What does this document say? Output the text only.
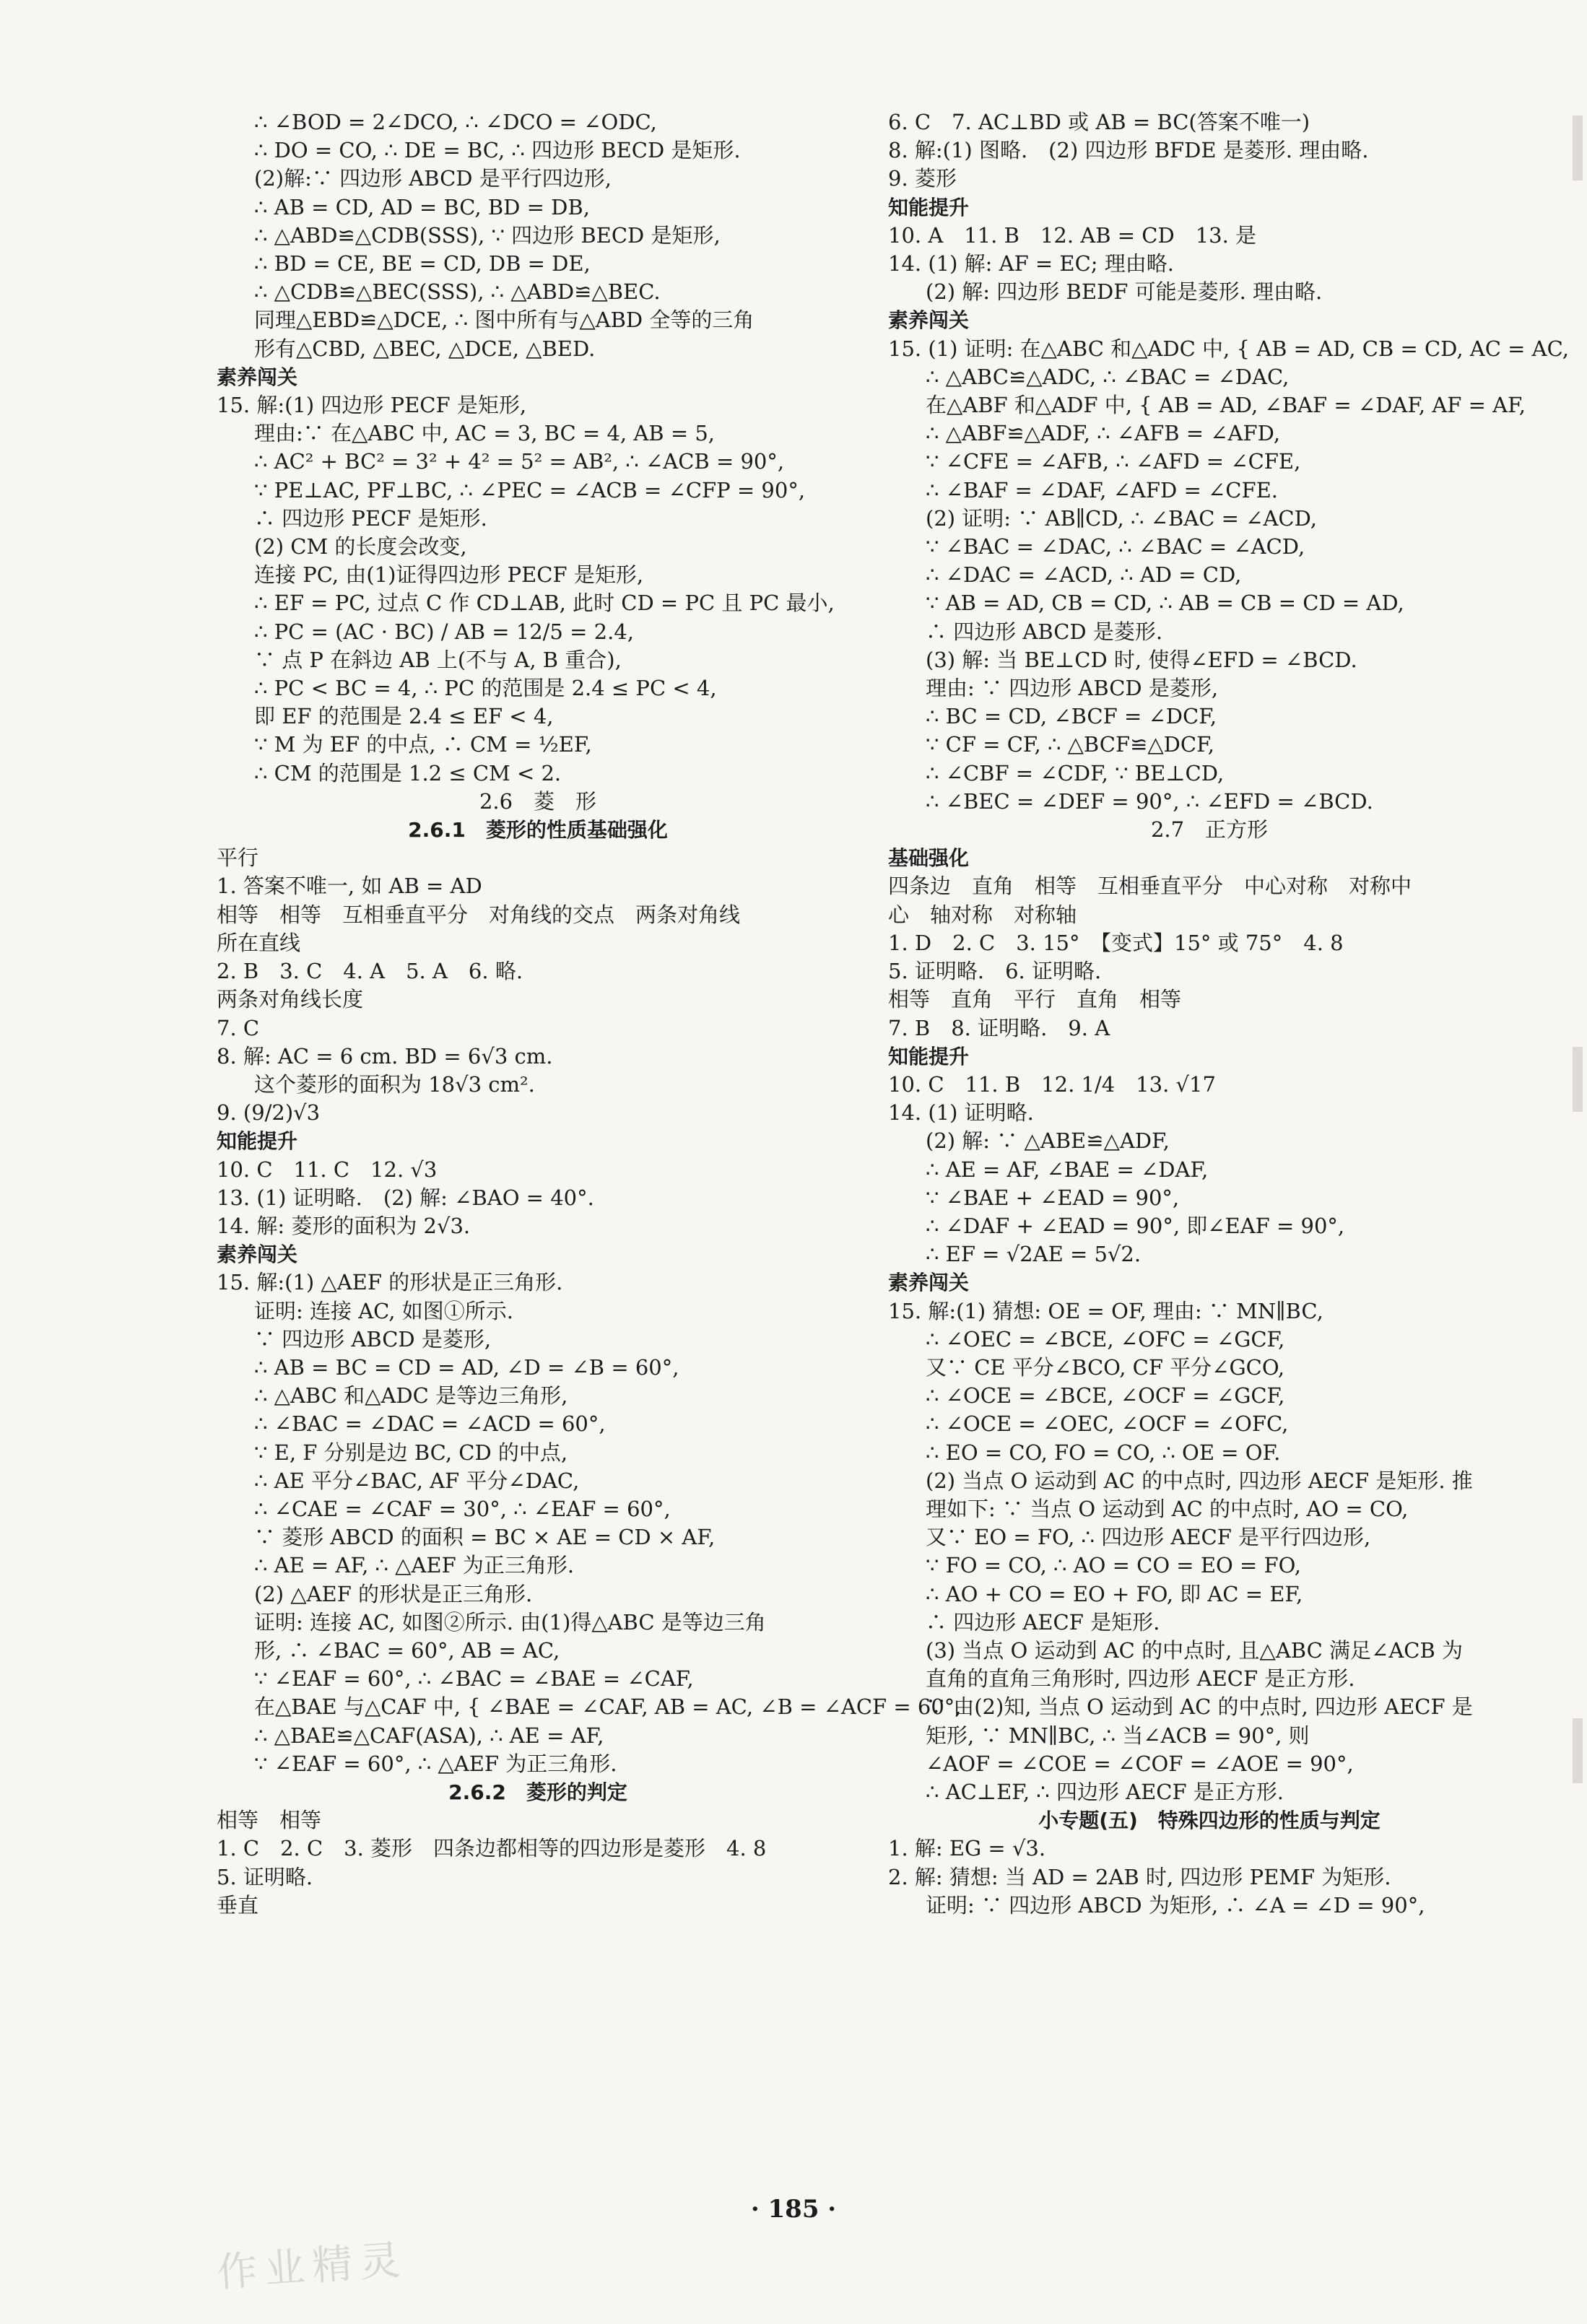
∴ ∠BOD = 2∠DCO, ∴ ∠DCO = ∠ODC,
∴ DO = CO, ∴ DE = BC, ∴ 四边形 BECD 是矩形.
(2)解:∵ 四边形 ABCD 是平行四边形,
∴ AB = CD, AD = BC, BD = DB,
∴ △ABD≌△CDB(SSS), ∵ 四边形 BECD 是矩形,
∴ BD = CE, BE = CD, DB = DE,
∴ △CDB≌△BEC(SSS), ∴ △ABD≌△BEC.
同理△EBD≌△DCE, ∴ 图中所有与△ABD 全等的三角
形有△CBD, △BEC, △DCE, △BED.
素养闯关
15. 解:(1) 四边形 PECF 是矩形,
理由:∵ 在△ABC 中, AC = 3, BC = 4, AB = 5,
∴ AC² + BC² = 3² + 4² = 5² = AB², ∴ ∠ACB = 90°,
∵ PE⊥AC, PF⊥BC, ∴ ∠PEC = ∠ACB = ∠CFP = 90°,
∴ 四边形 PECF 是矩形.
(2) CM 的长度会改变,
连接 PC, 由(1)证得四边形 PECF 是矩形,
∴ EF = PC, 过点 C 作 CD⊥AB, 此时 CD = PC 且 PC 最小,
∴ PC = (AC · BC) / AB = 12/5 = 2.4,
∵ 点 P 在斜边 AB 上(不与 A, B 重合),
∴ PC < BC = 4, ∴ PC 的范围是 2.4 ≤ PC < 4,
即 EF 的范围是 2.4 ≤ EF < 4,
∵ M 为 EF 的中点, ∴ CM = ½EF,
∴ CM 的范围是 1.2 ≤ CM < 2.
2.6　菱　形
2.6.1　菱形的性质基础强化
平行
1. 答案不唯一, 如 AB = AD
相等　相等　互相垂直平分　对角线的交点　两条对角线
所在直线
2. B　3. C　4. A　5. A　6. 略.
两条对角线长度
7. C
8. 解: AC = 6 cm. BD = 6√3 cm.
这个菱形的面积为 18√3 cm².
9. (9/2)√3
知能提升
10. C　11. C　12. √3
13. (1) 证明略.　(2) 解: ∠BAO = 40°.
14. 解: 菱形的面积为 2√3.
素养闯关
15. 解:(1) △AEF 的形状是正三角形.
证明: 连接 AC, 如图①所示.
∵ 四边形 ABCD 是菱形,
∴ AB = BC = CD = AD, ∠D = ∠B = 60°,
∴ △ABC 和△ADC 是等边三角形,
∴ ∠BAC = ∠DAC = ∠ACD = 60°,
∵ E, F 分别是边 BC, CD 的中点,
∴ AE 平分∠BAC, AF 平分∠DAC,
∴ ∠CAE = ∠CAF = 30°, ∴ ∠EAF = 60°,
∵ 菱形 ABCD 的面积 = BC × AE = CD × AF,
∴ AE = AF, ∴ △AEF 为正三角形.
(2) △AEF 的形状是正三角形.
证明: 连接 AC, 如图②所示. 由(1)得△ABC 是等边三角
形, ∴ ∠BAC = 60°, AB = AC,
∵ ∠EAF = 60°, ∴ ∠BAC = ∠BAE = ∠CAF,
在△BAE 与△CAF 中, { ∠BAE = ∠CAF, AB = AC, ∠B = ∠ACF = 60°,
∴ △BAE≌△CAF(ASA), ∴ AE = AF,
∵ ∠EAF = 60°, ∴ △AEF 为正三角形.
2.6.2　菱形的判定
相等　相等
1. C　2. C　3. 菱形　四条边都相等的四边形是菱形　4. 8
5. 证明略.
垂直
6. C　7. AC⊥BD 或 AB = BC(答案不唯一)
8. 解:(1) 图略.　(2) 四边形 BFDE 是菱形. 理由略.
9. 菱形
知能提升
10. A　11. B　12. AB = CD　13. 是
14. (1) 解: AF = EC; 理由略.
(2) 解: 四边形 BEDF 可能是菱形. 理由略.
素养闯关
15. (1) 证明: 在△ABC 和△ADC 中, { AB = AD, CB = CD, AC = AC,
∴ △ABC≌△ADC, ∴ ∠BAC = ∠DAC,
在△ABF 和△ADF 中, { AB = AD, ∠BAF = ∠DAF, AF = AF,
∴ △ABF≌△ADF, ∴ ∠AFB = ∠AFD,
∵ ∠CFE = ∠AFB, ∴ ∠AFD = ∠CFE,
∴ ∠BAF = ∠DAF, ∠AFD = ∠CFE.
(2) 证明: ∵ AB∥CD, ∴ ∠BAC = ∠ACD,
∵ ∠BAC = ∠DAC, ∴ ∠BAC = ∠ACD,
∴ ∠DAC = ∠ACD, ∴ AD = CD,
∵ AB = AD, CB = CD, ∴ AB = CB = CD = AD,
∴ 四边形 ABCD 是菱形.
(3) 解: 当 BE⊥CD 时, 使得∠EFD = ∠BCD.
理由: ∵ 四边形 ABCD 是菱形,
∴ BC = CD, ∠BCF = ∠DCF,
∵ CF = CF, ∴ △BCF≌△DCF,
∴ ∠CBF = ∠CDF, ∵ BE⊥CD,
∴ ∠BEC = ∠DEF = 90°, ∴ ∠EFD = ∠BCD.
2.7　正方形
基础强化
四条边　直角　相等　互相垂直平分　中心对称　对称中
心　轴对称　对称轴
1. D　2. C　3. 15°　【变式】15° 或 75°　4. 8
5. 证明略.　6. 证明略.
相等　直角　平行　直角　相等
7. B　8. 证明略.　9. A
知能提升
10. C　11. B　12. 1/4　13. √17
14. (1) 证明略.
(2) 解: ∵ △ABE≌△ADF,
∴ AE = AF, ∠BAE = ∠DAF,
∵ ∠BAE + ∠EAD = 90°,
∴ ∠DAF + ∠EAD = 90°, 即∠EAF = 90°,
∴ EF = √2AE = 5√2.
素养闯关
15. 解:(1) 猜想: OE = OF, 理由: ∵ MN∥BC,
∴ ∠OEC = ∠BCE, ∠OFC = ∠GCF,
又∵ CE 平分∠BCO, CF 平分∠GCO,
∴ ∠OCE = ∠BCE, ∠OCF = ∠GCF,
∴ ∠OCE = ∠OEC, ∠OCF = ∠OFC,
∴ EO = CO, FO = CO, ∴ OE = OF.
(2) 当点 O 运动到 AC 的中点时, 四边形 AECF 是矩形. 推
理如下: ∵ 当点 O 运动到 AC 的中点时, AO = CO,
又∵ EO = FO, ∴ 四边形 AECF 是平行四边形,
∵ FO = CO, ∴ AO = CO = EO = FO,
∴ AO + CO = EO + FO, 即 AC = EF,
∴ 四边形 AECF 是矩形.
(3) 当点 O 运动到 AC 的中点时, 且△ABC 满足∠ACB 为
直角的直角三角形时, 四边形 AECF 是正方形.
∵ 由(2)知, 当点 O 运动到 AC 的中点时, 四边形 AECF 是
矩形, ∵ MN∥BC, ∴ 当∠ACB = 90°, 则
∠AOF = ∠COE = ∠COF = ∠AOE = 90°,
∴ AC⊥EF, ∴ 四边形 AECF 是正方形.
小专题(五)　特殊四边形的性质与判定
1. 解: EG = √3.
2. 解: 猜想: 当 AD = 2AB 时, 四边形 PEMF 为矩形.
证明: ∵ 四边形 ABCD 为矩形, ∴ ∠A = ∠D = 90°,
· 185 ·
作业精灵
